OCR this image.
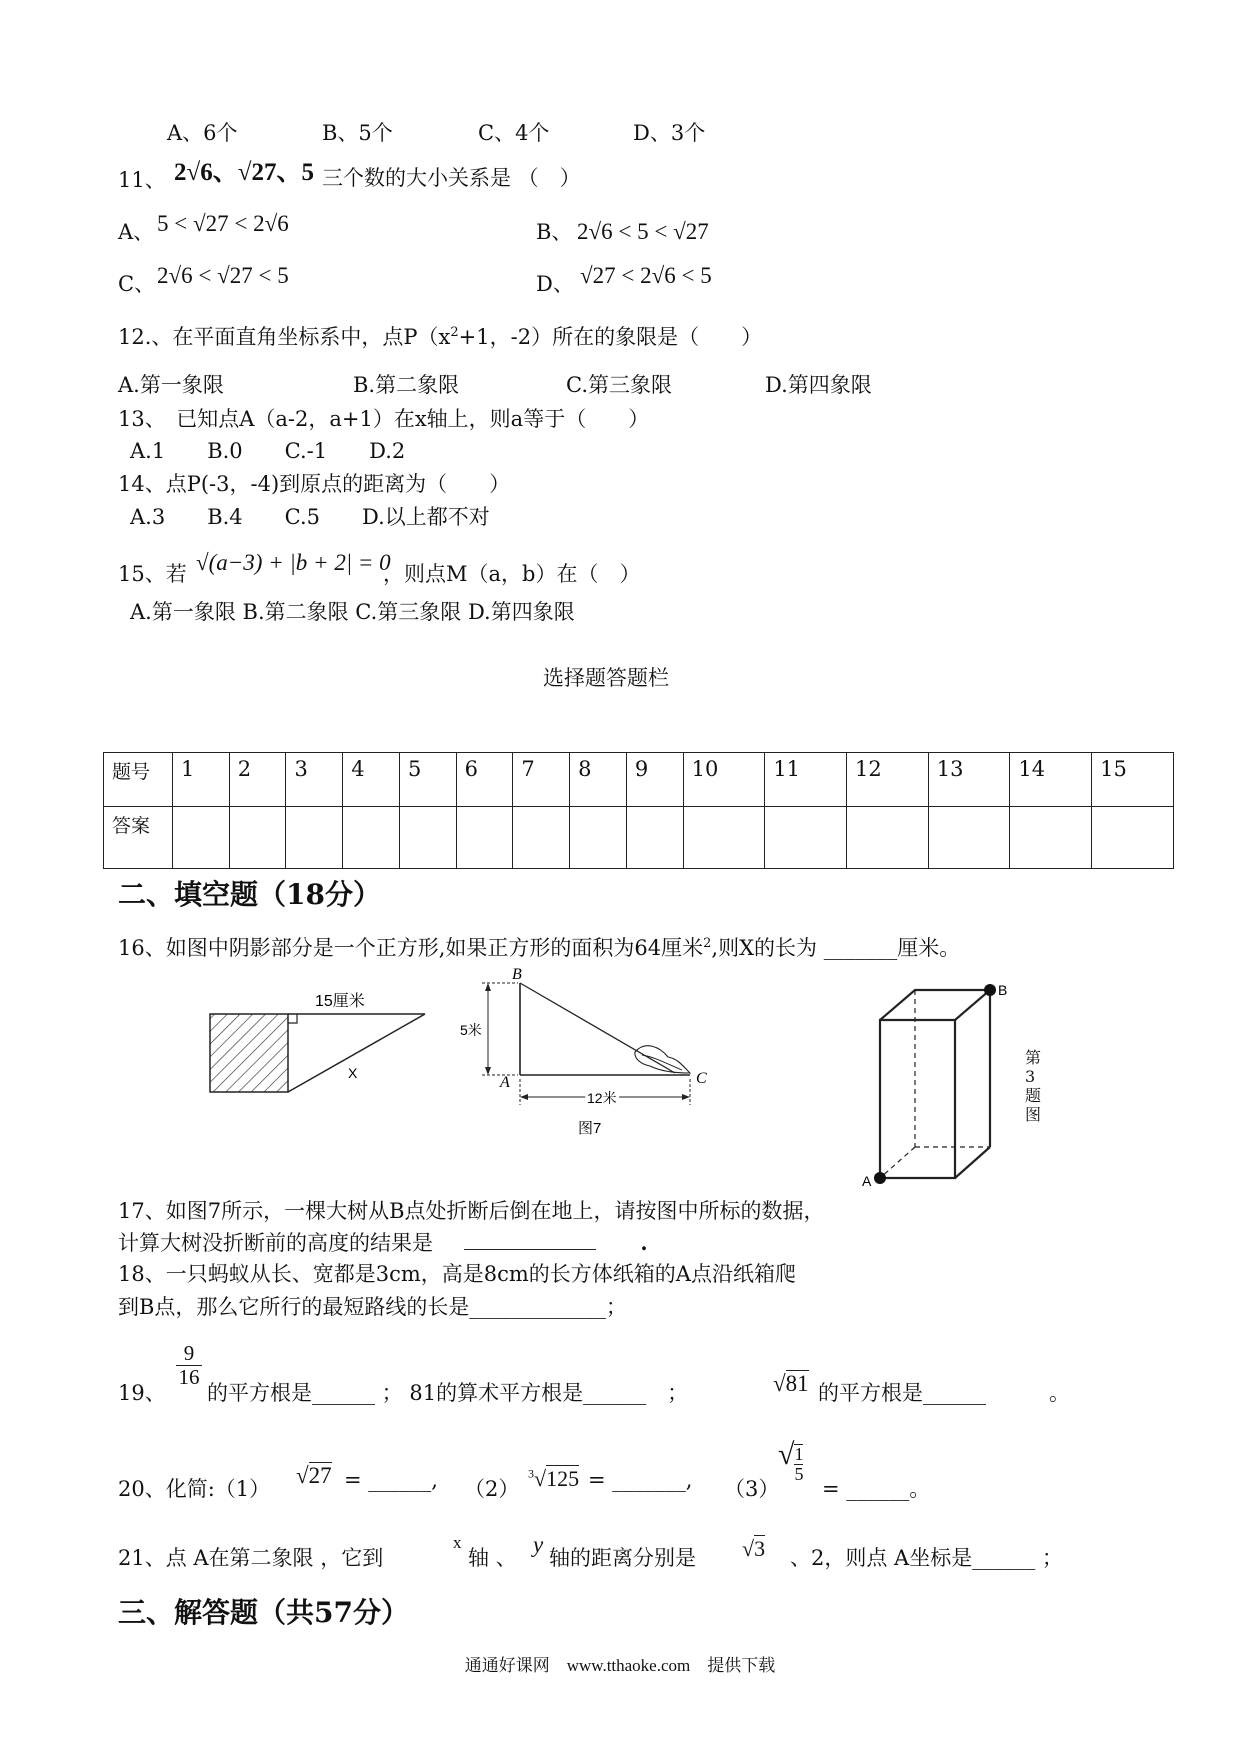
A、6个	B、5个	C、4个	D、3个
11、 2√6、√27、5 三个数的大小关系是 （　）
A、 5 < √27 < 2√6	B、 2√6 < 5 < √27
C、 2√6 < √27 < 5	D、 √27 < 2√6 < 5
12.、在平面直角坐标系中，点$P(x^2+1$，-2）所在的象限是（　　）
A.第一象限	B.第二象限	C.第三象限	D.第四象限
13、　已知点A（a-2，a+1）在x轴上，则a等于（　　）
A.1　　B.0　　C.-1　　D.2
14、点P(-3，-4)到原点的距离为（　　）
A.3　　B.4　　C.5　　D.以上都不对
15、若 √(a−3) + |b + 2| = 0
，则点M（a，b）在（　）
A.第一象限 B.第二象限 C.第三象限 D.第四象限
选择题答题栏
题号	1	2	3	4	5	6	7	8	9	10	11	12	13	14	15
答案															
二、填空题（18分）
16、如图中阴影部分是一个正方形,如果正方形的面积为64厘米$^2$,则X的长为 _______厘米。
15厘米
X
B
A	C
5米
12米
图7
B
A
第3题图
17、如图7所示，一棵大树从B点处折断后倒在地上，请按图中所标的数据，
计算大树没折断前的高度的结果是	.
18、一只蚂蚁从长、宽都是3cm，高是8cm的长方体纸箱的A点沿纸箱爬
到B点，那么它所行的最短路线的长是_____________；
19、
$\frac{9}{16}$
的平方根是______ ； 81的算术平方根是______　；	√81 的平方根是______　　　。
20、化简:（1）
√27 = ______, （2）
$^3$√125 = _______, （3）
√ $\frac{1}{5}$
= ______。
21、点 A在第二象限 ，它到
x
轴 、
y
轴的距离分别是 √3 、2，则点 A坐标是______ ；
三、解答题（共57分）
通通好课网　www.tthaoke.com　提供下载
